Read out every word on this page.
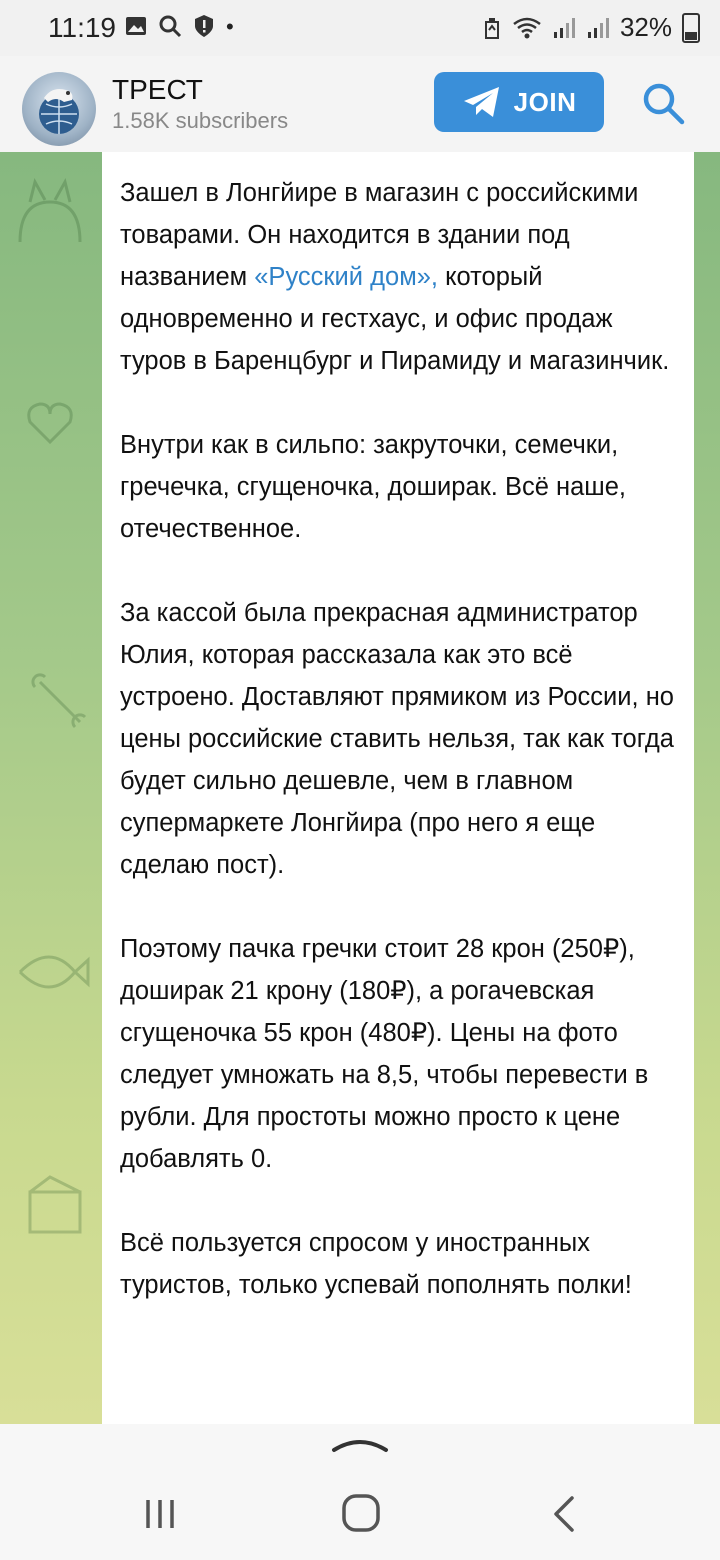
11:19	•	32%
ТРЕСТ
1.58K subscribers
JOIN

Зашел в Лонгйире в магазин с российскими товарами. Он находится в здании под названием «Русский дом», который одновременно и гестхаус, и офис продаж туров в Баренцбург и Пирамиду и магазинчик.

Внутри как в сильпо: закруточки, семечки, гречечка, сгущеночка, доширак. Всё наше, отечественное.

За кассой была прекрасная администратор Юлия, которая рассказала как это всё устроено. Доставляют прямиком из России, но цены российские ставить нельзя, так как тогда будет сильно дешевле, чем в главном супермаркете Лонгйира (про него я еще сделаю пост).

Поэтому пачка гречки стоит 28 крон (250₽), доширак 21 крону (180₽), а рогачевская сгущеночка 55 крон (480₽). Цены на фото следует умножать на 8,5, чтобы перевести в рубли. Для простоты можно просто к цене добавлять 0.

Всё пользуется спросом у иностранных туристов, только успевай пополнять полки!
